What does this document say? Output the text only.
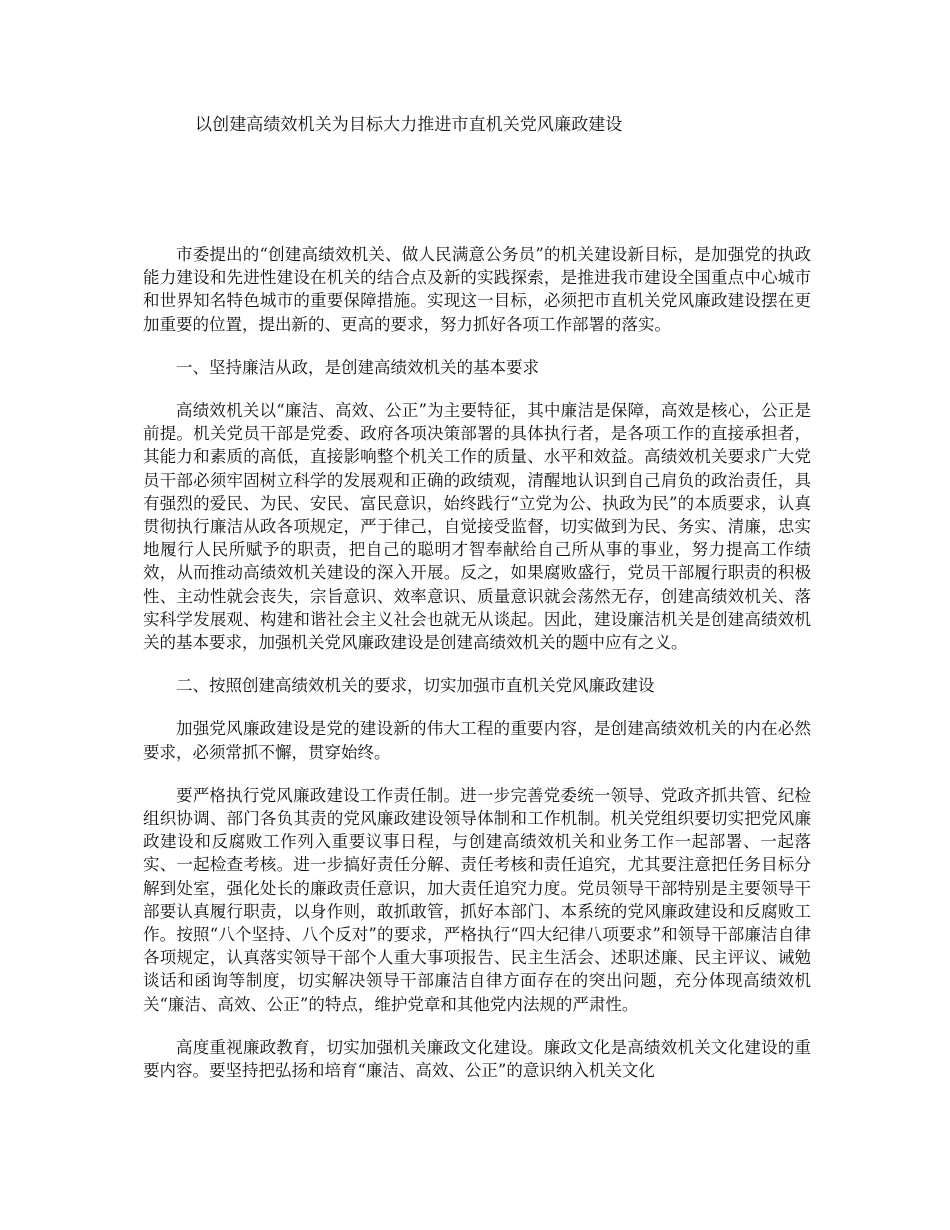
以创建高绩效机关为目标大力推进市直机关党风廉政建设

市委提出的“创建高绩效机关、做人民满意公务员”的机关建设新目标，是加强党的执政能力建设和先进性建设在机关的结合点及新的实践探索，是推进我市建设全国重点中心城市和世界知名特色城市的重要保障措施。实现这一目标，必须把市直机关党风廉政建设摆在更加重要的位置，提出新的、更高的要求，努力抓好各项工作部署的落实。

一、坚持廉洁从政，是创建高绩效机关的基本要求

高绩效机关以“廉洁、高效、公正”为主要特征，其中廉洁是保障，高效是核心，公正是前提。机关党员干部是党委、政府各项决策部署的具体执行者，是各项工作的直接承担者，其能力和素质的高低，直接影响整个机关工作的质量、水平和效益。高绩效机关要求广大党员干部必须牢固树立科学的发展观和正确的政绩观，清醒地认识到自己肩负的政治责任，具有强烈的爱民、为民、安民、富民意识，始终践行“立党为公、执政为民”的本质要求，认真贯彻执行廉洁从政各项规定，严于律己，自觉接受监督，切实做到为民、务实、清廉，忠实地履行人民所赋予的职责，把自己的聪明才智奉献给自己所从事的事业，努力提高工作绩效，从而推动高绩效机关建设的深入开展。反之，如果腐败盛行，党员干部履行职责的积极性、主动性就会丧失，宗旨意识、效率意识、质量意识就会荡然无存，创建高绩效机关、落实科学发展观、构建和谐社会主义社会也就无从谈起。因此，建设廉洁机关是创建高绩效机关的基本要求，加强机关党风廉政建设是创建高绩效机关的题中应有之义。

二、按照创建高绩效机关的要求，切实加强市直机关党风廉政建设

加强党风廉政建设是党的建设新的伟大工程的重要内容，是创建高绩效机关的内在必然要求，必须常抓不懈，贯穿始终。

要严格执行党风廉政建设工作责任制。进一步完善党委统一领导、党政齐抓共管、纪检组织协调、部门各负其责的党风廉政建设领导体制和工作机制。机关党组织要切实把党风廉政建设和反腐败工作列入重要议事日程，与创建高绩效机关和业务工作一起部署、一起落实、一起检查考核。进一步搞好责任分解、责任考核和责任追究，尤其要注意把任务目标分解到处室，强化处长的廉政责任意识，加大责任追究力度。党员领导干部特别是主要领导干部要认真履行职责，以身作则，敢抓敢管，抓好本部门、本系统的党风廉政建设和反腐败工作。按照“八个坚持、八个反对”的要求，严格执行“四大纪律八项要求”和领导干部廉洁自律各项规定，认真落实领导干部个人重大事项报告、民主生活会、述职述廉、民主评议、诫勉谈话和函询等制度，切实解决领导干部廉洁自律方面存在的突出问题，充分体现高绩效机关“廉洁、高效、公正”的特点，维护党章和其他党内法规的严肃性。

高度重视廉政教育，切实加强机关廉政文化建设。廉政文化是高绩效机关文化建设的重要内容。要坚持把弘扬和培育“廉洁、高效、公正”的意识纳入机关文化
